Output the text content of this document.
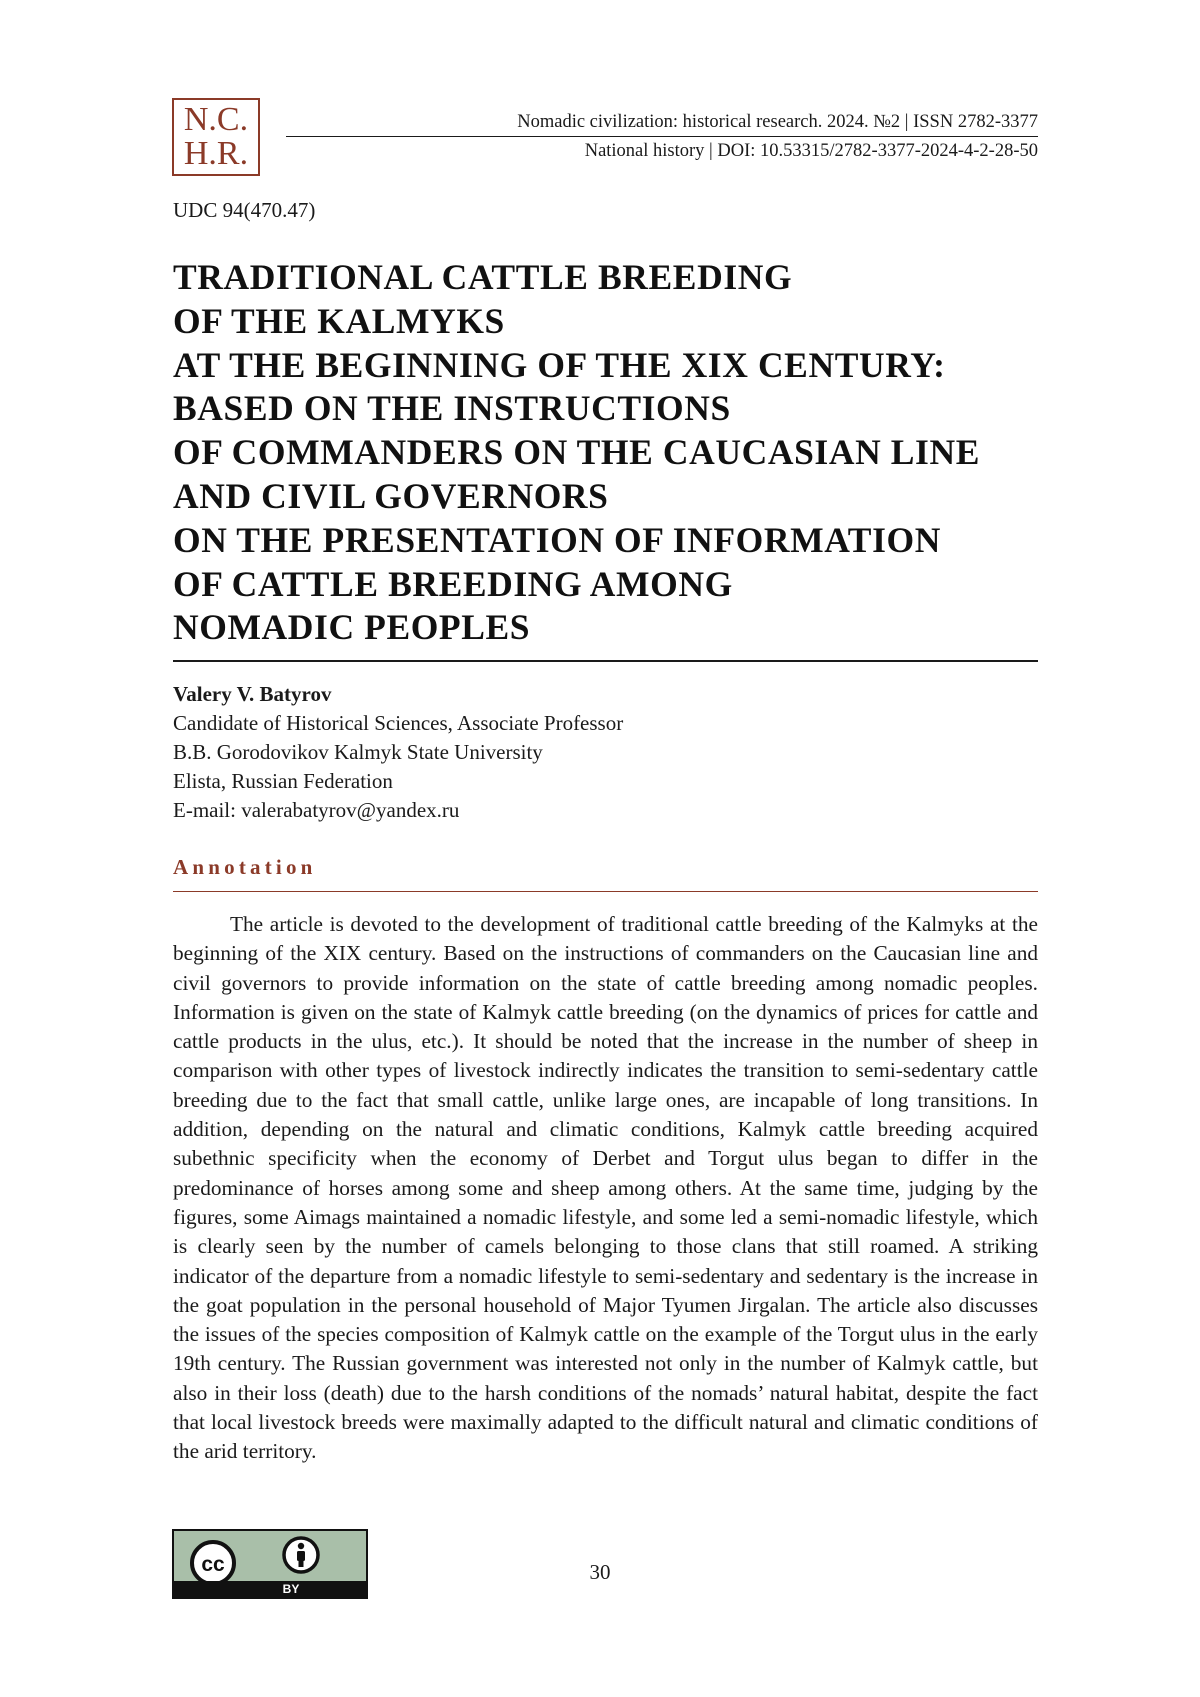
N.C.
H.R.
Nomadic civilization: historical research. 2024. №2 | ISSN 2782-3377
National history | DOI: 10.53315/2782-3377-2024-4-2-28-50
UDC 94(470.47)
TRADITIONAL CATTLE BREEDING
OF THE KALMYKS
AT THE BEGINNING OF THE XIX CENTURY:
BASED ON THE INSTRUCTIONS
OF COMMANDERS ON THE CAUCASIAN LINE
AND CIVIL GOVERNORS
ON THE PRESENTATION OF INFORMATION
OF CATTLE BREEDING AMONG
NOMADIC PEOPLES
Valery V. Batyrov
Candidate of Historical Sciences, Associate Professor
B.B. Gorodovikov Kalmyk State University
Elista, Russian Federation
E-mail: valerabatyrov@yandex.ru
Annotation

The article is devoted to the development of traditional cattle breeding of the Kalmyks at the beginning of the XIX century. Based on the instructions of commanders on the Caucasian line and civil governors to provide information on the state of cattle breeding among nomadic peoples. Information is given on the state of Kalmyk cattle breeding (on the dynamics of prices for cattle and cattle products in the ulus, etc.). It should be noted that the increase in the number of sheep in comparison with other types of livestock indirectly indicates the transition to semi-sedentary cattle breeding due to the fact that small cattle, unlike large ones, are incapable of long transitions. In addition, depending on the natural and climatic conditions, Kalmyk cattle breeding acquired subethnic specificity when the economy of Derbet and Torgut ulus began to differ in the predominance of horses among some and sheep among others. At the same time, judging by the figures, some Aimags maintained a nomadic lifestyle, and some led a semi-nomadic lifestyle, which is clearly seen by the number of camels belonging to those clans that still roamed. A striking indicator of the departure from a nomadic lifestyle to semi-sedentary and sedentary is the increase in the goat population in the personal household of Major Tyumen Jirgalan. The article also discusses the issues of the species composition of Kalmyk cattle on the example of the Torgut ulus in the early 19th century. The Russian government was interested not only in the number of Kalmyk cattle, but also in their loss (death) due to the harsh conditions of the nomads’ natural habitat, despite the fact that local livestock breeds were maximally adapted to the difficult natural and climatic conditions of the arid territory.

cc
BY
30
